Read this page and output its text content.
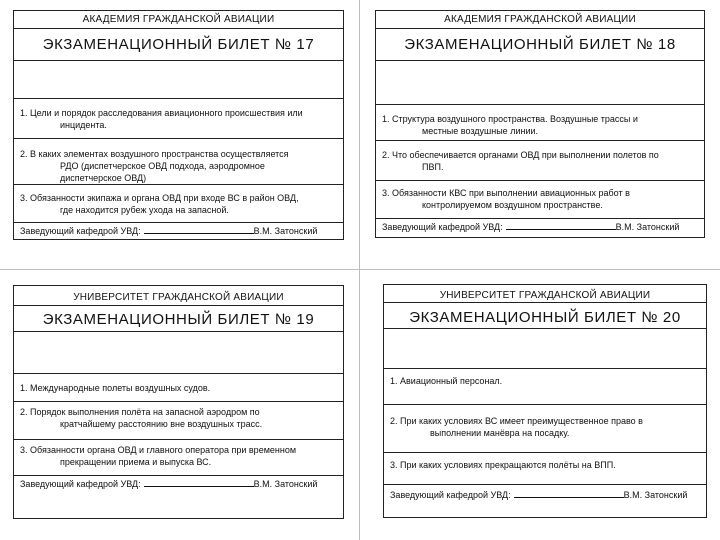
АКАДЕМИЯ ГРАЖДАНСКОЙ АВИАЦИИ
ЭКЗАМЕНАЦИОННЫЙ БИЛЕТ № 17
1. Цели и порядок расследования авиационного происшествия или
инцидента.
2. В каких элементах воздушного пространства осуществляется
РДО (диспетчерское ОВД подхода, аэродромное
диспетчерское ОВД)
3. Обязанности экипажа и органа ОВД при входе ВС в район ОВД,
где находится рубеж ухода на запасной.
Заведующий кафедрой УВД:	В.М. Затонский
АКАДЕМИЯ ГРАЖДАНСКОЙ АВИАЦИИ
ЭКЗАМЕНАЦИОННЫЙ БИЛЕТ № 18
1. Структура воздушного пространства. Воздушные трассы и
местные воздушные линии.
2. Что обеспечивается органами ОВД при выполнении полетов по
ПВП.
3. Обязанности КВС при выполнении авиационных работ в
контролируемом воздушном пространстве.
Заведующий кафедрой УВД:	В.М. Затонский
УНИВЕРСИТЕТ ГРАЖДАНСКОЙ АВИАЦИИ
ЭКЗАМЕНАЦИОННЫЙ БИЛЕТ № 19
1. Международные полеты воздушных судов.
2. Порядок выполнения полёта на запасной аэродром по
кратчайшему расстоянию вне воздушных трасс.
3. Обязанности органа ОВД и главного оператора при временном
прекращении приема и выпуска ВС.
Заведующий кафедрой УВД:	В.М. Затонский
УНИВЕРСИТЕТ ГРАЖДАНСКОЙ АВИАЦИИ
ЭКЗАМЕНАЦИОННЫЙ БИЛЕТ № 20
1. Авиационный персонал.
2. При каких условиях ВС имеет преимущественное право в
выполнении манёвра на посадку.
3. При каких условиях прекращаются полёты на ВПП.
Заведующий кафедрой УВД:	В.М. Затонский
